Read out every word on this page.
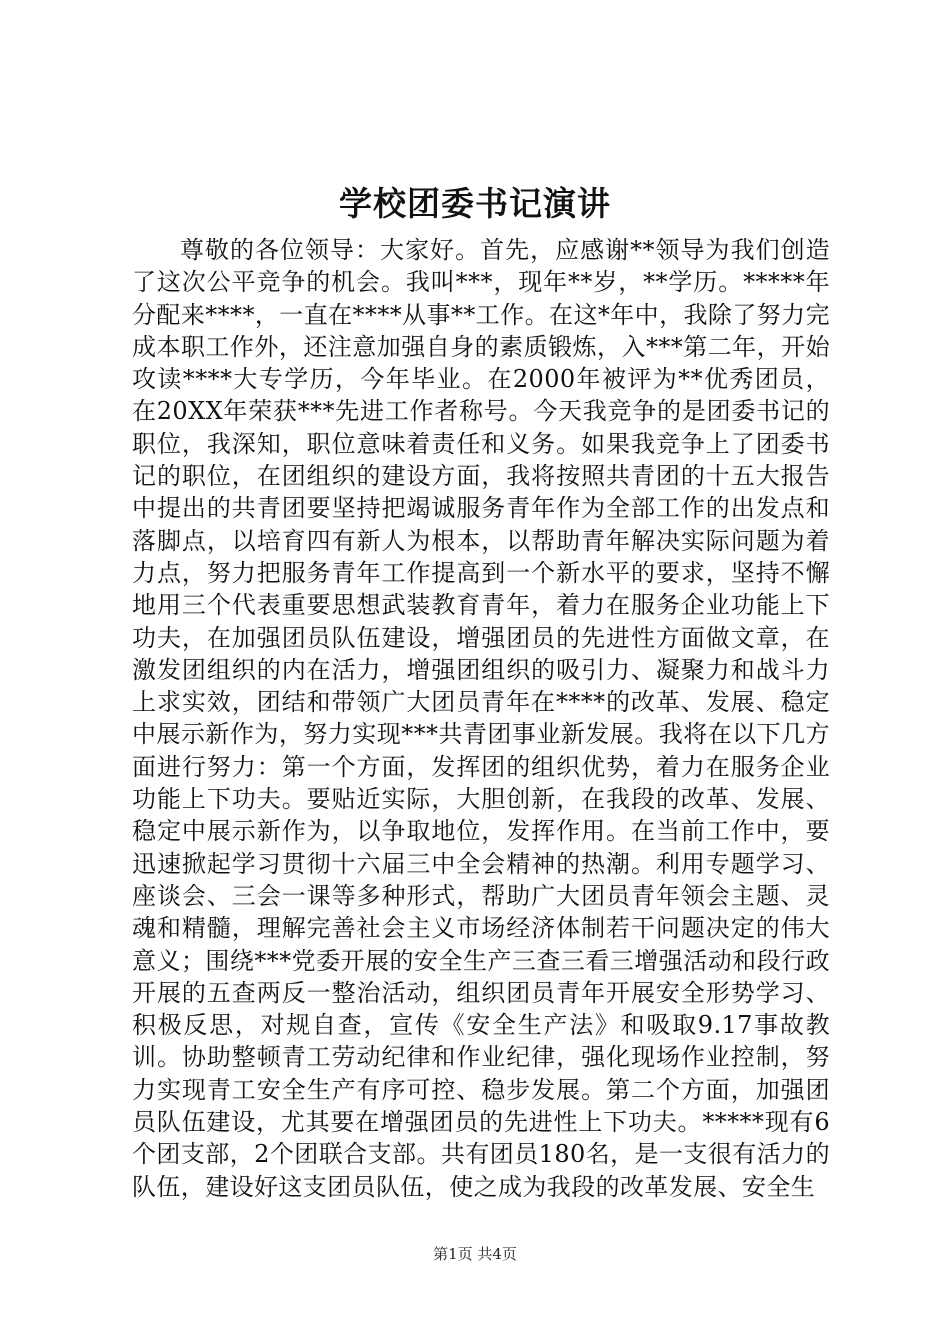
学校团委书记演讲

尊敬的各位领导：大家好。首先，应感谢**领导为我们创造了这次公平竞争的机会。我叫***，现年**岁，**学历。*****年分配来****，一直在****从事**工作。在这*年中，我除了努力完成本职工作外，还注意加强自身的素质锻炼，入***第二年，开始攻读****大专学历，今年毕业。在2000年被评为**优秀团员，在20XX年荣获***先进工作者称号。今天我竞争的是团委书记的职位，我深知，职位意味着责任和义务。如果我竞争上了团委书记的职位，在团组织的建设方面，我将按照共青团的十五大报告中提出的共青团要坚持把竭诚服务青年作为全部工作的出发点和落脚点，以培育四有新人为根本，以帮助青年解决实际问题为着力点，努力把服务青年工作提高到一个新水平的要求，坚持不懈地用三个代表重要思想武装教育青年，着力在服务企业功能上下功夫，在加强团员队伍建设，增强团员的先进性方面做文章，在激发团组织的内在活力，增强团组织的吸引力、凝聚力和战斗力上求实效，团结和带领广大团员青年在****的改革、发展、稳定中展示新作为，努力实现***共青团事业新发展。我将在以下几方面进行努力：第一个方面，发挥团的组织优势，着力在服务企业功能上下功夫。要贴近实际，大胆创新，在我段的改革、发展、稳定中展示新作为，以争取地位，发挥作用。在当前工作中，要迅速掀起学习贯彻十六届三中全会精神的热潮。利用专题学习、座谈会、三会一课等多种形式，帮助广大团员青年领会主题、灵魂和精髓，理解完善社会主义市场经济体制若干问题决定的伟大意义；围绕***党委开展的安全生产三查三看三增强活动和段行政开展的五查两反一整治活动，组织团员青年开展安全形势学习、积极反思，对规自查，宣传《安全生产法》和吸取9.17事故教训。协助整顿青工劳动纪律和作业纪律，强化现场作业控制，努力实现青工安全生产有序可控、稳步发展。第二个方面，加强团员队伍建设，尤其要在增强团员的先进性上下功夫。*****现有6个团支部，2个团联合支部。共有团员180名，是一支很有活力的队伍，建设好这支团员队伍，使之成为我段的改革发展、安全生

第1页 共4页
